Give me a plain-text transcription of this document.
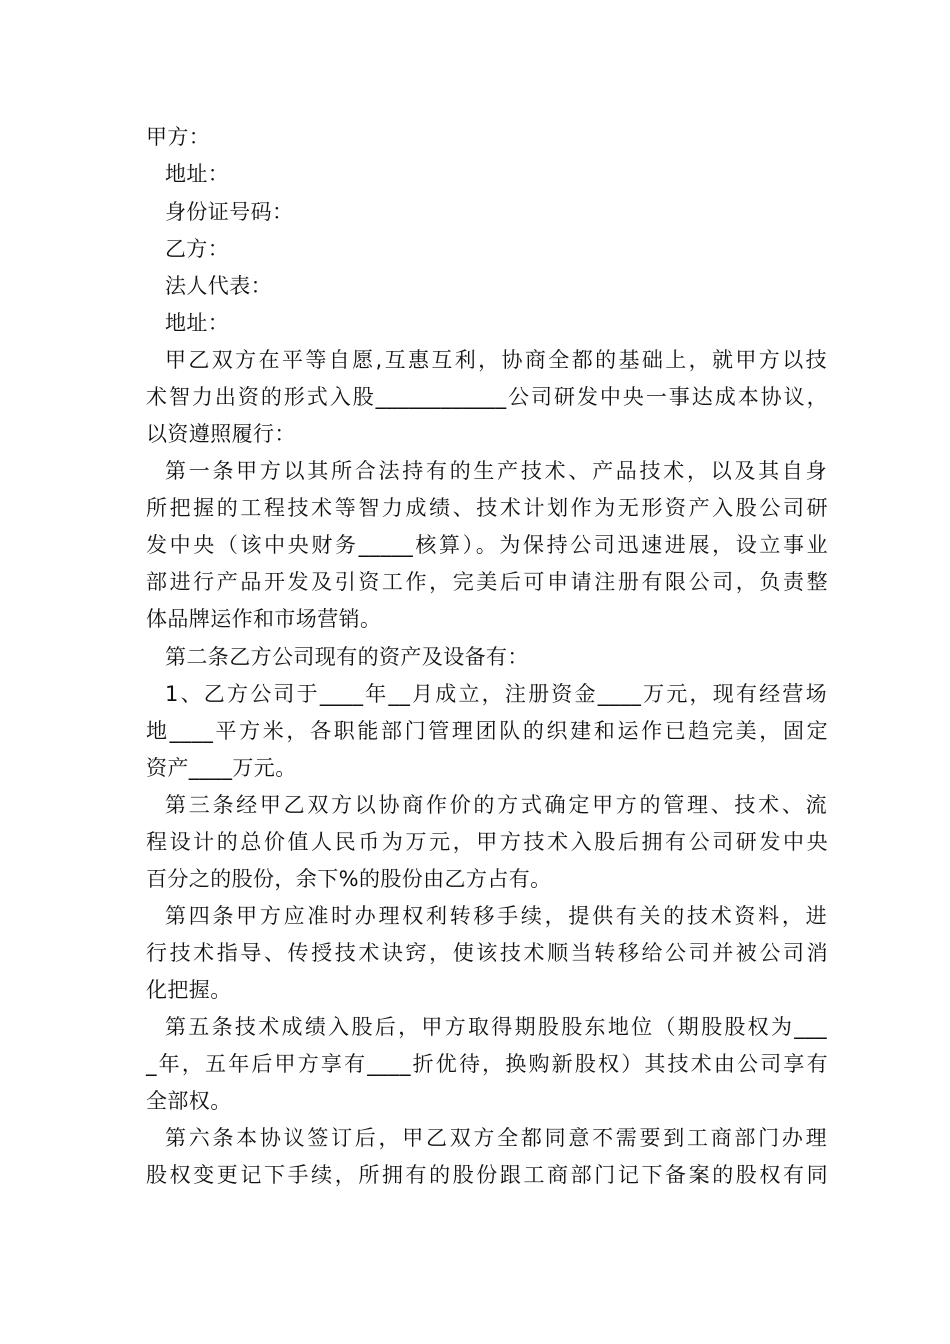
甲方：
地址：
身份证号码：
乙方：
法人代表：
地址：
甲乙双方在平等自愿,互惠互利，协商全都的基础上，就甲方以技
术智力出资的形式入股____________公司研发中央一事达成本协议，
以资遵照履行：
第一条甲方以其所合法持有的生产技术、产品技术，以及其自身
所把握的工程技术等智力成绩、技术计划作为无形资产入股公司研
发中央（该中央财务_____核算）。为保持公司迅速进展，设立事业
部进行产品开发及引资工作，完美后可申请注册有限公司，负责整
体品牌运作和市场营销。
第二条乙方公司现有的资产及设备有：
1、乙方公司于____年__月成立，注册资金____万元，现有经营场
地____平方米，各职能部门管理团队的织建和运作已趋完美，固定
资产____万元。
第三条经甲乙双方以协商作价的方式确定甲方的管理、技术、流
程设计的总价值人民币为万元，甲方技术入股后拥有公司研发中央
百分之的股份，余下%的股份由乙方占有。
第四条甲方应准时办理权利转移手续，提供有关的技术资料，进
行技术指导、传授技术诀窍，使该技术顺当转移给公司并被公司消
化把握。
第五条技术成绩入股后，甲方取得期股股东地位（期股股权为___
_年，五年后甲方享有____折优待，换购新股权）其技术由公司享有
全部权。
第六条本协议签订后，甲乙双方全都同意不需要到工商部门办理
股权变更记下手续，所拥有的股份跟工商部门记下备案的股权有同
